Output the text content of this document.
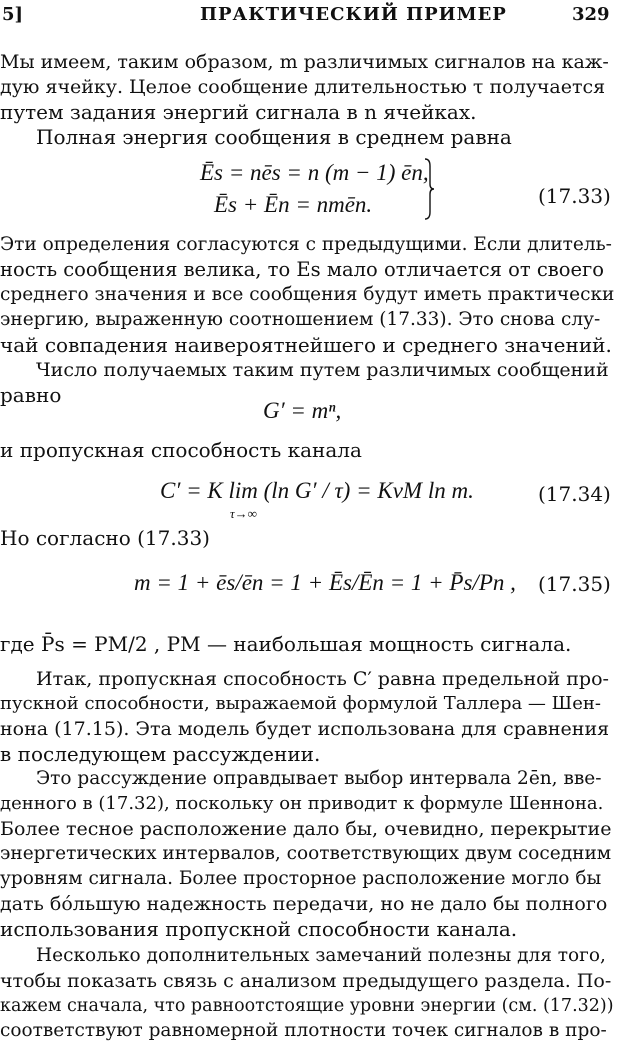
5]	ПРАКТИЧЕСКИЙ ПРИМЕР	329
Мы имеем, таким образом, m различимых сигналов на каж-
дую ячейку. Целое сообщение длительностью τ получается
путем задания энергий сигнала в n ячейках.
Полная энергия сообщения в среднем равна
Ēs = nēs = n (m − 1) ēn,
Ēs + Ēn = nmēn.	(17.33)
Эти определения согласуются с предыдущими. Если длитель-
ность сообщения велика, то Es мало отличается от своего
среднего значения и все сообщения будут иметь практически
энергию, выраженную соотношением (17.33). Это снова слу-
чай совпадения наивероятнейшего и среднего значений.
Число получаемых таким путем различимых сообщений
равно
G′ = mⁿ,
и пропускная способность канала
C′ = K lim (ln G′ / τ) = KνM ln m.
τ→∞
(17.34)
Но согласно (17.33)
m = 1 + ēs/ēn = 1 + Ēs/Ēn = 1 + P̄s/Pn , (17.35)
где P̄s = PM/2 , PM — наибольшая мощность сигнала.
Итак, пропускная способность C′ равна предельной про-
пускной способности, выражаемой формулой Таллера — Шен-
нона (17.15). Эта модель будет использована для сравнения
в последующем рассуждении.
Это рассуждение оправдывает выбор интервала 2ēn, вве-
денного в (17.32), поскольку он приводит к формуле Шеннона.
Более тесное расположение дало бы, очевидно, перекрытие
энергетических интервалов, соответствующих двум соседним
уровням сигнала. Более просторное расположение могло бы
дать бóльшую надежность передачи, но не дало бы полного
использования пропускной способности канала.
Несколько дополнительных замечаний полезны для того,
чтобы показать связь с анализом предыдущего раздела. По-
кажем сначала, что равноотстоящие уровни энергии (см. (17.32))
соответствуют равномерной плотности точек сигналов в про-
